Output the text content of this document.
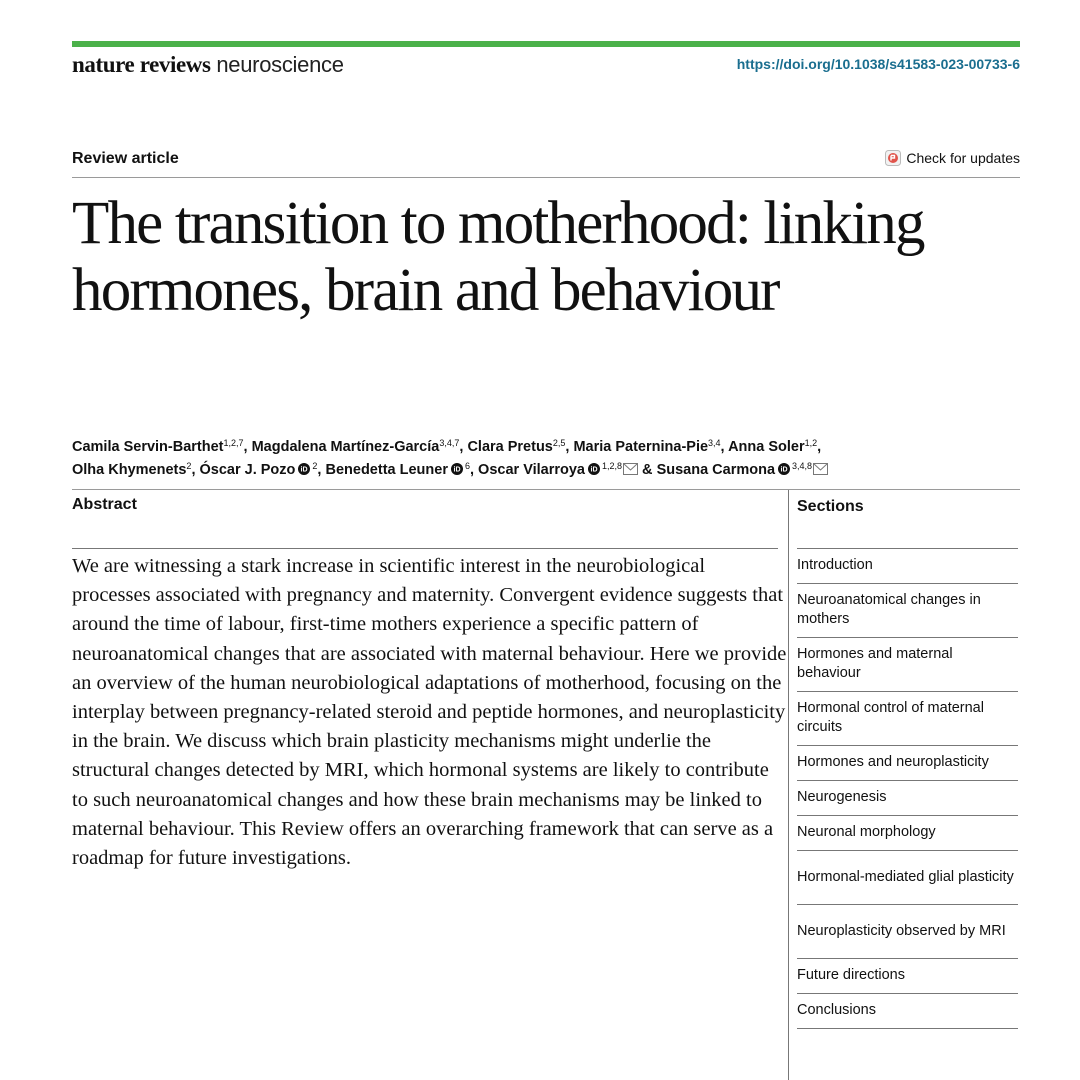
nature reviews neuroscience	https://doi.org/10.1038/s41583-023-00733-6
Review article	Check for updates
The transition to motherhood: linking hormones, brain and behaviour
Camila Servin-Barthet$^{1,2,7}$, Magdalena Martínez-García$^{3,4,7}$, Clara Pretus$^{2,5}$, Maria Paternina-Pie$^{3,4}$, Anna Soler$^{1,2}$,
Olha Khymenets$^2$, Óscar J. Pozo iD $^2$, Benedetta Leuner iD $^6$, Oscar Vilarroya iD $^{1,2,8}$ & Susana Carmona iD $^{3,4,8}$
Abstract

We are witnessing a stark increase in scientific interest in the neurobiological processes associated with pregnancy and maternity. Convergent evidence suggests that around the time of labour, first-time mothers experience a specific pattern of neuroanatomical changes that are associated with maternal behaviour. Here we provide an overview of the human neurobiological adaptations of motherhood, focusing on the interplay between pregnancy-related steroid and peptide hormones, and neuroplasticity in the brain. We discuss which brain plasticity mechanisms might underlie the structural changes detected by MRI, which hormonal systems are likely to contribute to such neuroanatomical changes and how these brain mechanisms may be linked to maternal behaviour. This Review offers an overarching framework that can serve as a roadmap for future investigations.

Sections
Introduction
Neuroanatomical changes in mothers
Hormones and maternal behaviour
Hormonal control of maternal circuits
Hormones and neuroplasticity
Neurogenesis
Neuronal morphology
Hormonal-mediated glial plasticity
Neuroplasticity observed by MRI
Future directions
Conclusions
